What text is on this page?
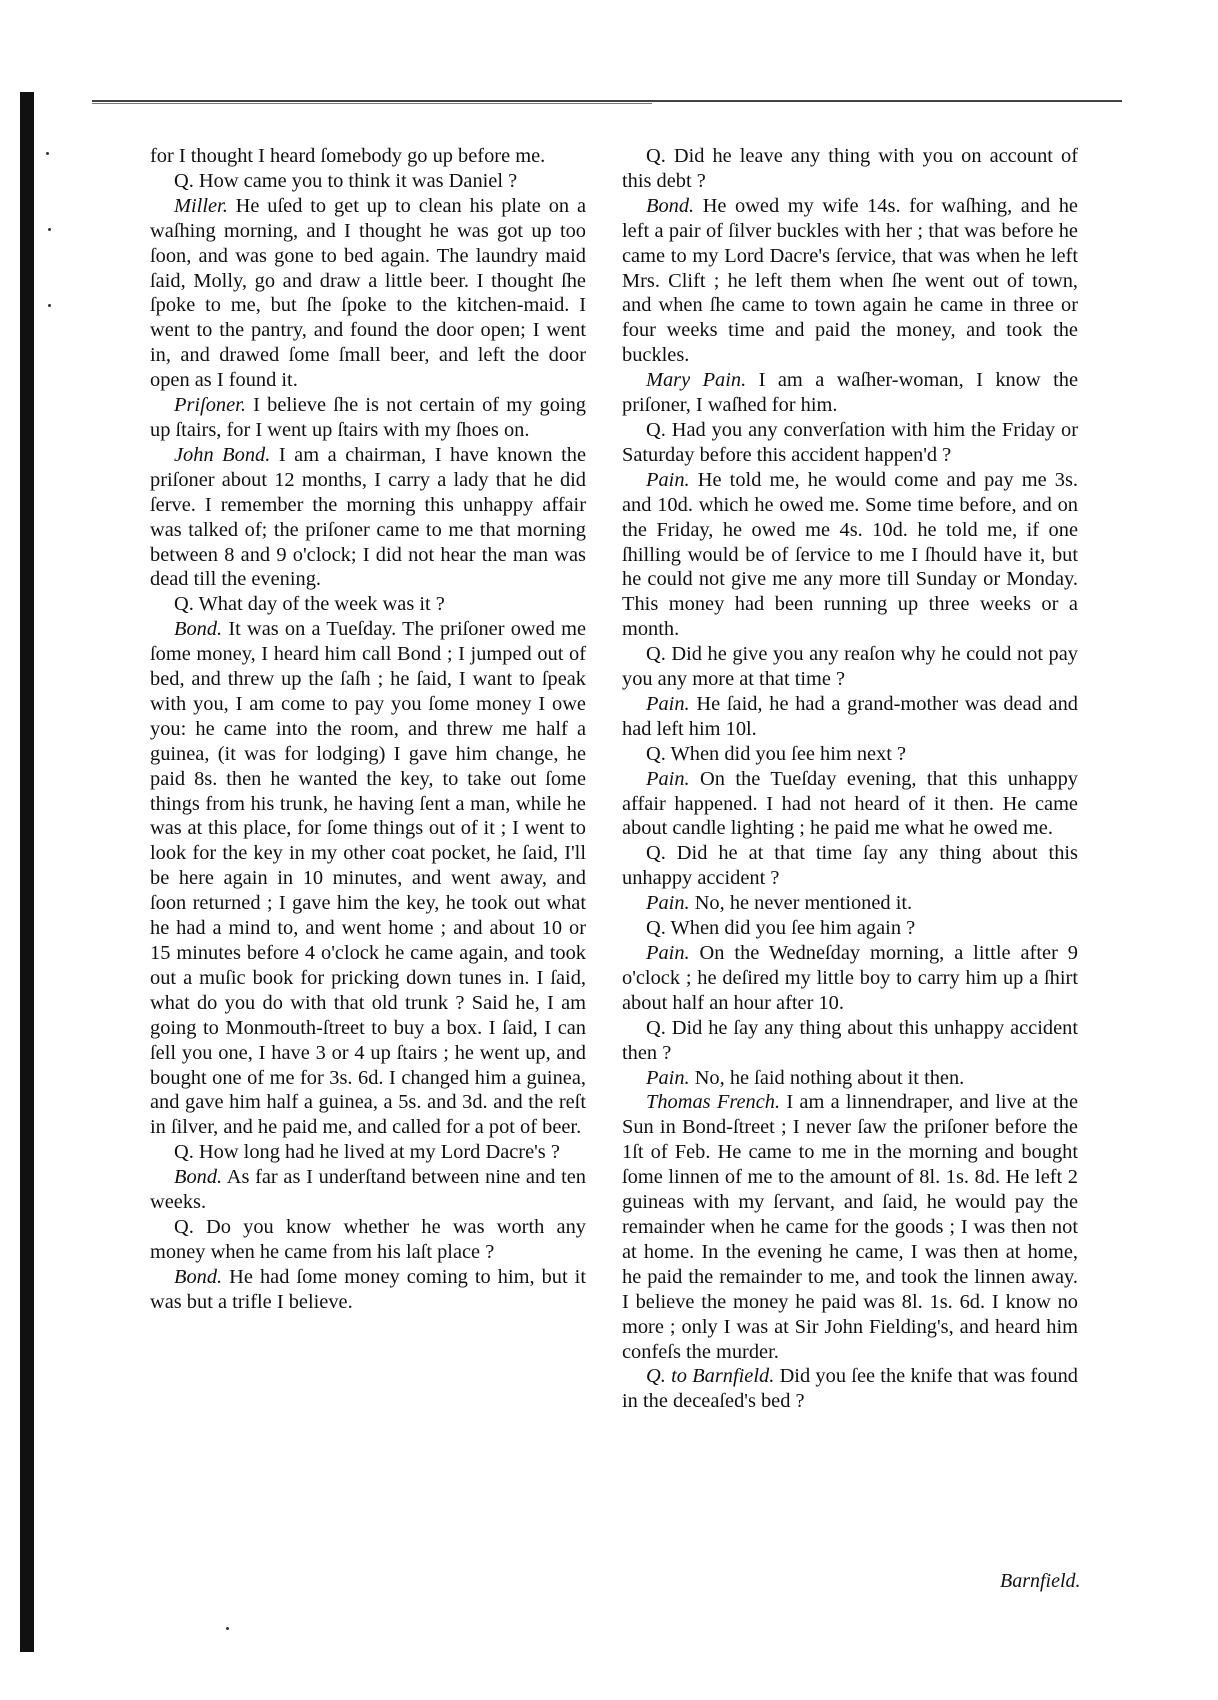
for I thought I heard ſomebody go up before me.

Q. How came you to think it was Daniel ?

Miller. He uſed to get up to clean his plate on a waſhing morning, and I thought he was got up too ſoon, and was gone to bed again. The laundry maid ſaid, Molly, go and draw a little beer. I thought ſhe ſpoke to me, but ſhe ſpoke to the kitchen-maid. I went to the pantry, and found the door open; I went in, and drawed ſome ſmall beer, and left the door open as I found it.

Priſoner. I believe ſhe is not certain of my going up ſtairs, for I went up ſtairs with my ſhoes on.

John Bond. I am a chairman, I have known the priſoner about 12 months, I carry a lady that he did ſerve. I remember the morning this unhappy affair was talked of; the priſoner came to me that morning between 8 and 9 o'clock; I did not hear the man was dead till the evening.

Q. What day of the week was it ?

Bond. It was on a Tueſday. The priſoner owed me ſome money, I heard him call Bond ; I jumped out of bed, and threw up the ſaſh ; he ſaid, I want to ſpeak with you, I am come to pay you ſome money I owe you: he came into the room, and threw me half a guinea, (it was for lodging) I gave him change, he paid 8s. then he wanted the key, to take out ſome things from his trunk, he having ſent a man, while he was at this place, for ſome things out of it ; I went to look for the key in my other coat pocket, he ſaid, I'll be here again in 10 minutes, and went away, and ſoon returned ; I gave him the key, he took out what he had a mind to, and went home ; and about 10 or 15 minutes before 4 o'clock he came again, and took out a muſic book for pricking down tunes in. I ſaid, what do you do with that old trunk ? Said he, I am going to Monmouth-ſtreet to buy a box. I ſaid, I can ſell you one, I have 3 or 4 up ſtairs ; he went up, and bought one of me for 3s. 6d. I changed him a guinea, and gave him half a guinea, a 5s. and 3d. and the reſt in ſilver, and he paid me, and called for a pot of beer.

Q. How long had he lived at my Lord Dacre's ?

Bond. As far as I underſtand between nine and ten weeks.

Q. Do you know whether he was worth any money when he came from his laſt place ?

Bond. He had ſome money coming to him, but it was but a trifle I believe.

Q. Did he leave any thing with you on account of this debt ?

Bond. He owed my wife 14s. for waſhing, and he left a pair of ſilver buckles with her ; that was before he came to my Lord Dacre's ſervice, that was when he left Mrs. Clift ; he left them when ſhe went out of town, and when ſhe came to town again he came in three or four weeks time and paid the money, and took the buckles.

Mary Pain. I am a waſher-woman, I know the priſoner, I waſhed for him.

Q. Had you any converſation with him the Friday or Saturday before this accident happen'd ?

Pain. He told me, he would come and pay me 3s. and 10d. which he owed me. Some time before, and on the Friday, he owed me 4s. 10d. he told me, if one ſhilling would be of ſervice to me I ſhould have it, but he could not give me any more till Sunday or Monday. This money had been running up three weeks or a month.

Q. Did he give you any reaſon why he could not pay you any more at that time ?

Pain. He ſaid, he had a grand-mother was dead and had left him 10l.

Q. When did you ſee him next ?

Pain. On the Tueſday evening, that this unhappy affair happened. I had not heard of it then. He came about candle lighting ; he paid me what he owed me.

Q. Did he at that time ſay any thing about this unhappy accident ?

Pain. No, he never mentioned it.

Q. When did you ſee him again ?

Pain. On the Wedneſday morning, a little after 9 o'clock ; he deſired my little boy to carry him up a ſhirt about half an hour after 10.

Q. Did he ſay any thing about this unhappy accident then ?

Pain. No, he ſaid nothing about it then.

Thomas French. I am a linnendraper, and live at the Sun in Bond-ſtreet ; I never ſaw the priſoner before the 1ſt of Feb. He came to me in the morning and bought ſome linnen of me to the amount of 8l. 1s. 8d. He left 2 guineas with my ſervant, and ſaid, he would pay the remainder when he came for the goods ; I was then not at home. In the evening he came, I was then at home, he paid the remainder to me, and took the linnen away. I believe the money he paid was 8l. 1s. 6d. I know no more ; only I was at Sir John Fielding's, and heard him confeſs the murder.

Q. to Barnfield. Did you ſee the knife that was found in the deceaſed's bed ?

Barnfield.
